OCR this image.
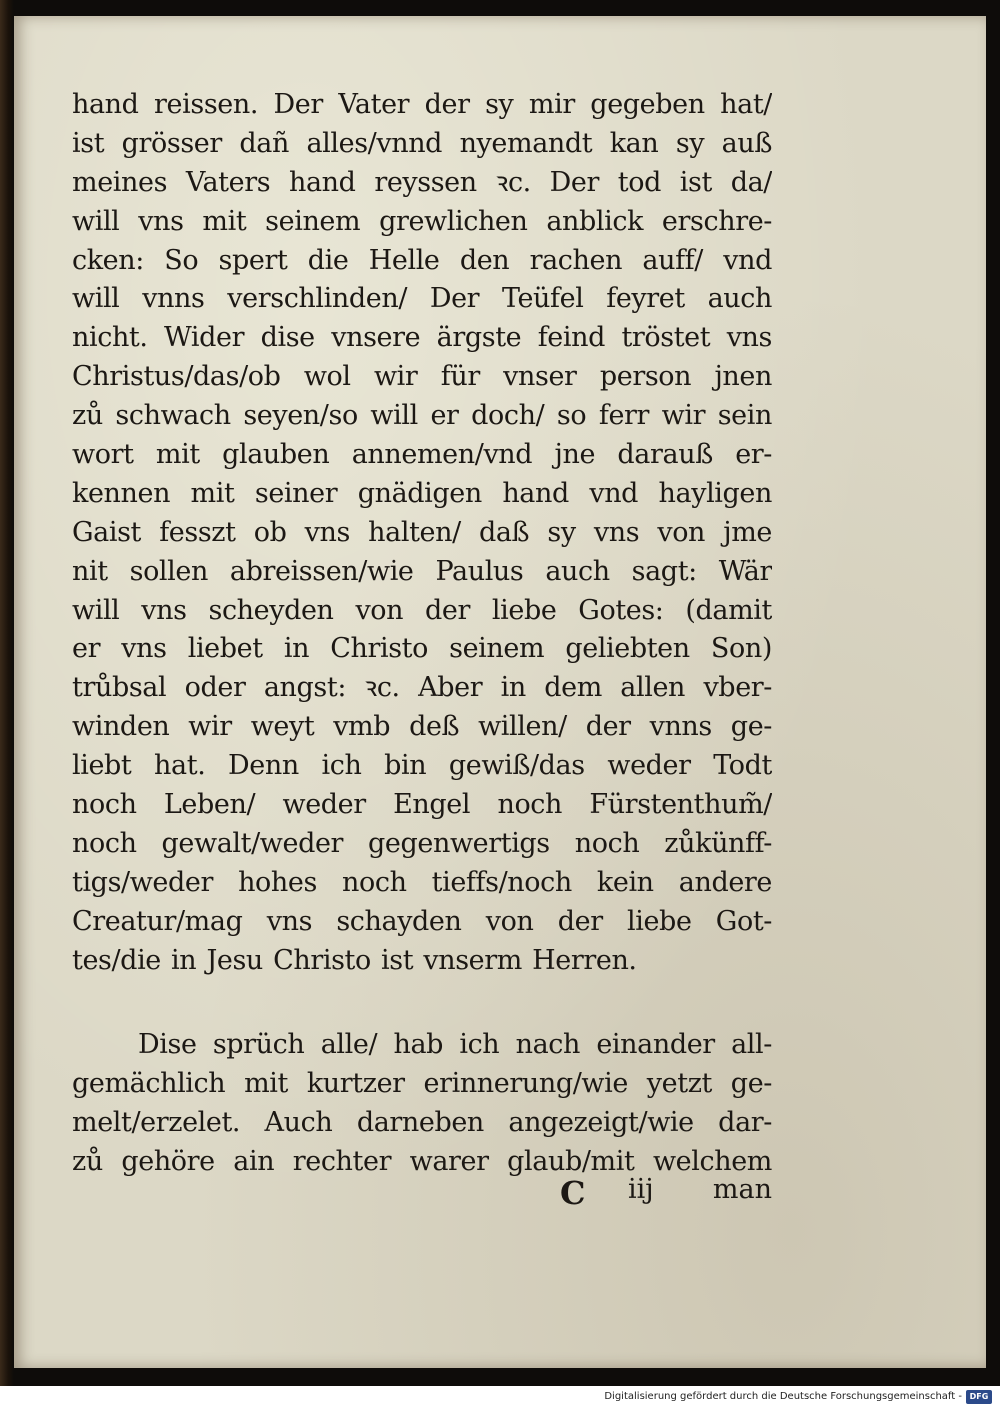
hand reissen. Der Vater der sy mir gegeben hat/
ist grösser dañ alles/vnnd nyemandt kan sy auß
meines Vaters hand reyssen ꝛc. Der tod ist da/
will vns mit seinem grewlichen anblick erschre-
cken: So spert die Helle den rachen auff/ vnd
will vnns verschlinden/ Der Teüfel feyret auch
nicht. Wider dise vnsere ärgste feind tröstet vns
Christus/das/ob wol wir für vnser person jnen
zů schwach seyen/so will er doch/ so ferr wir sein
wort mit glauben annemen/vnd jne darauß er-
kennen mit seiner gnädigen hand vnd hayligen
Gaist fesszt ob vns halten/ daß sy vns von jme
nit sollen abreissen/wie Paulus auch sagt: Wär
will vns scheyden von der liebe Gotes: (damit
er vns liebet in Christo seinem geliebten Son)
trůbsal oder angst: ꝛc. Aber in dem allen vber-
winden wir weyt vmb deß willen/ der vnns ge-
liebt hat. Denn ich bin gewiß/das weder Todt
noch Leben/ weder Engel noch Fürstenthum̃/
noch gewalt/weder gegenwertigs noch zůkünff-
tigs/weder hohes noch tieffs/noch kein andere
Creatur/mag vns schayden von der liebe Got-
tes/die in Jesu Christo ist vnserm Herren.
Dise sprüch alle/ hab ich nach einander all-
gemächlich mit kurtzer erinnerung/wie yetzt ge-
melt/erzelet. Auch darneben angezeigt/wie dar-
zů gehöre ain rechter warer glaub/mit welchem
C iij man
Digitalisierung gefördert durch die Deutsche Forschungsgemeinschaft - DFG
